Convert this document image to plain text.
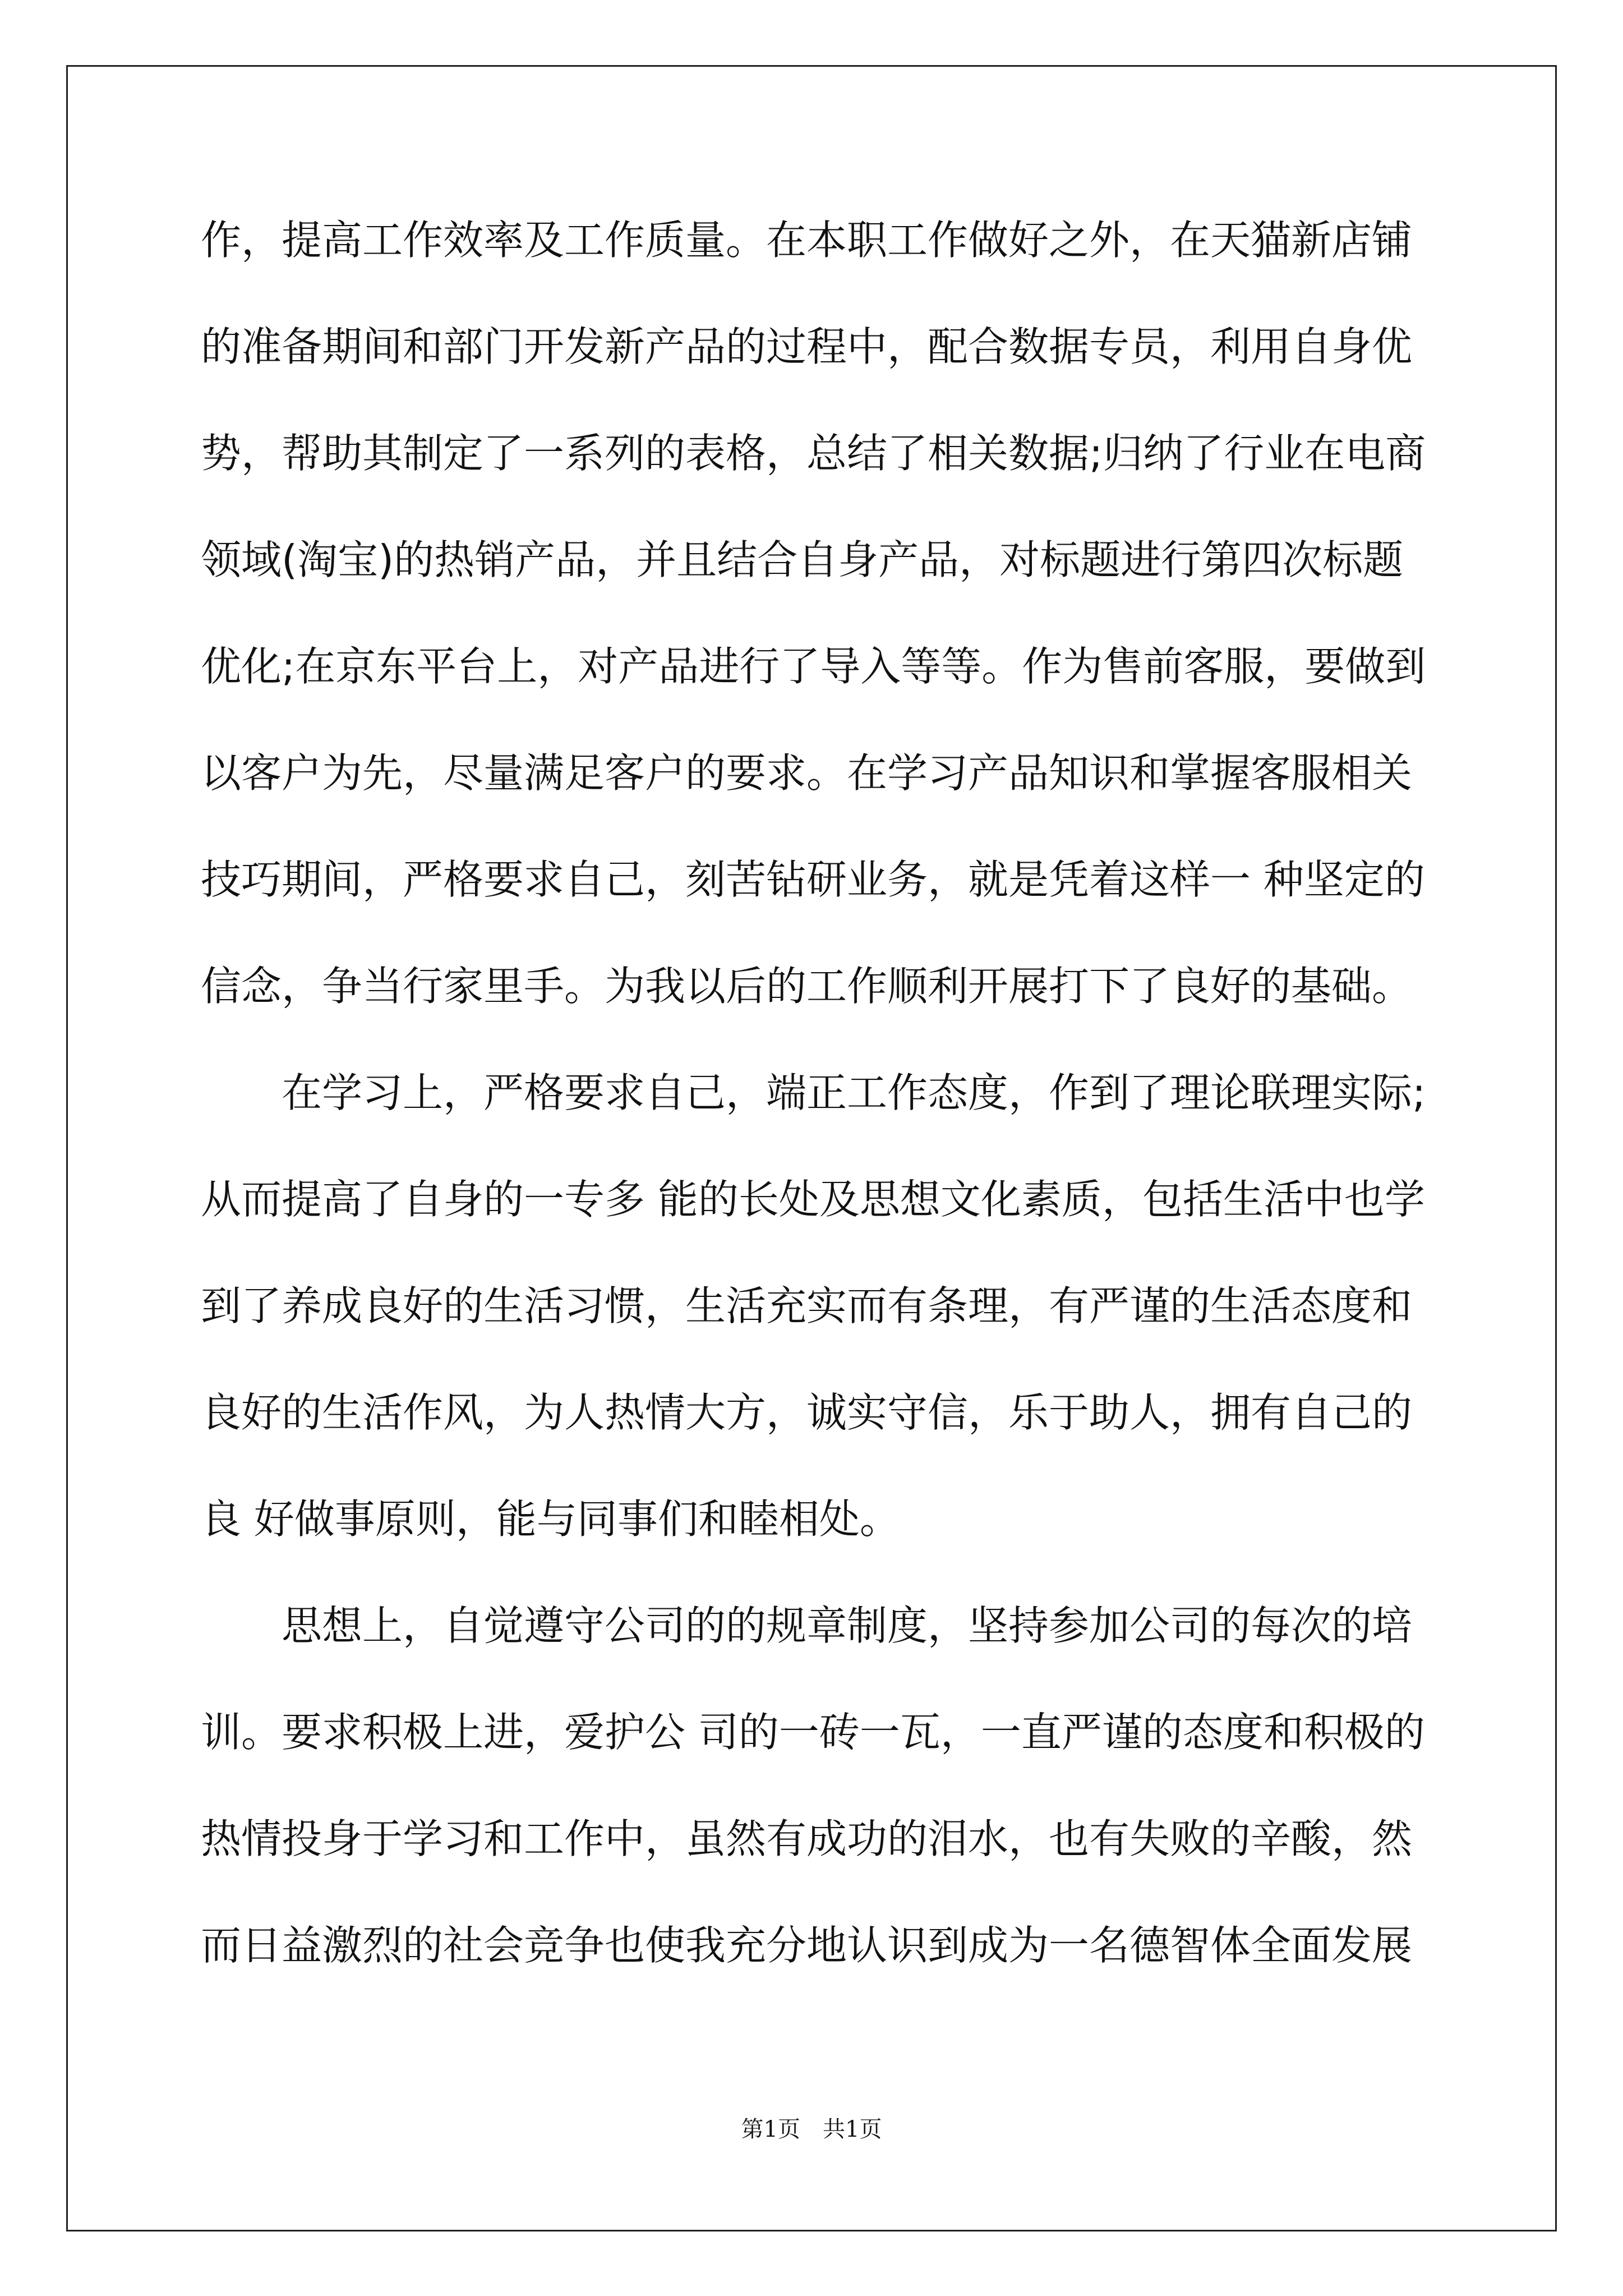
作，提高工作效率及工作质量。在本职工作做好之外，在天猫新店铺
的准备期间和部门开发新产品的过程中，配合数据专员，利用自身优
势，帮助其制定了一系列的表格，总结了相关数据;归纳了行业在电商
领域(淘宝)的热销产品，并且结合自身产品，对标题进行第四次标题
优化;在京东平台上，对产品进行了导入等等。作为售前客服，要做到
以客户为先，尽量满足客户的要求。在学习产品知识和掌握客服相关
技巧期间，严格要求自己，刻苦钻研业务，就是凭着这样一 种坚定的
信念，争当行家里手。为我以后的工作顺利开展打下了良好的基础。
在学习上，严格要求自己，端正工作态度，作到了理论联理实际;
从而提高了自身的一专多 能的长处及思想文化素质，包括生活中也学
到了养成良好的生活习惯，生活充实而有条理，有严谨的生活态度和
良好的生活作风，为人热情大方，诚实守信，乐于助人，拥有自己的
良 好做事原则，能与同事们和睦相处。
思想上，自觉遵守公司的的规章制度，坚持参加公司的每次的培
训。要求积极上进，爱护公 司的一砖一瓦，一直严谨的态度和积极的
热情投身于学习和工作中，虽然有成功的泪水，也有失败的辛酸，然
而日益激烈的社会竞争也使我充分地认识到成为一名德智体全面发展
第1页　共1页
